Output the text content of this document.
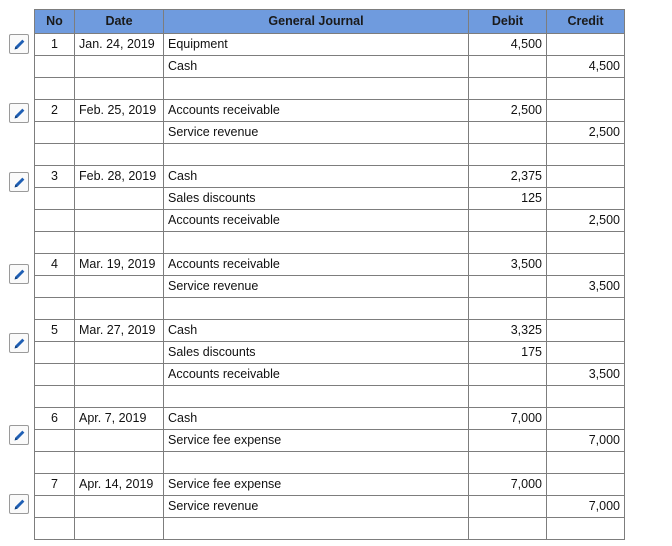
No	Date	General Journal	Debit	Credit
1	Jan. 24, 2019	Equipment	4,500	
		Cash		4,500

2	Feb. 25, 2019	Accounts receivable	2,500	
		Service revenue		2,500

3	Feb. 28, 2019	Cash	2,375	
		Sales discounts	125	
		Accounts receivable		2,500

4	Mar. 19, 2019	Accounts receivable	3,500	
		Service revenue		3,500

5	Mar. 27, 2019	Cash	3,325	
		Sales discounts	175	
		Accounts receivable		3,500

6	Apr. 7, 2019	Cash	7,000	
		Service fee expense		7,000

7	Apr. 14, 2019	Service fee expense	7,000	
		Service revenue		7,000
